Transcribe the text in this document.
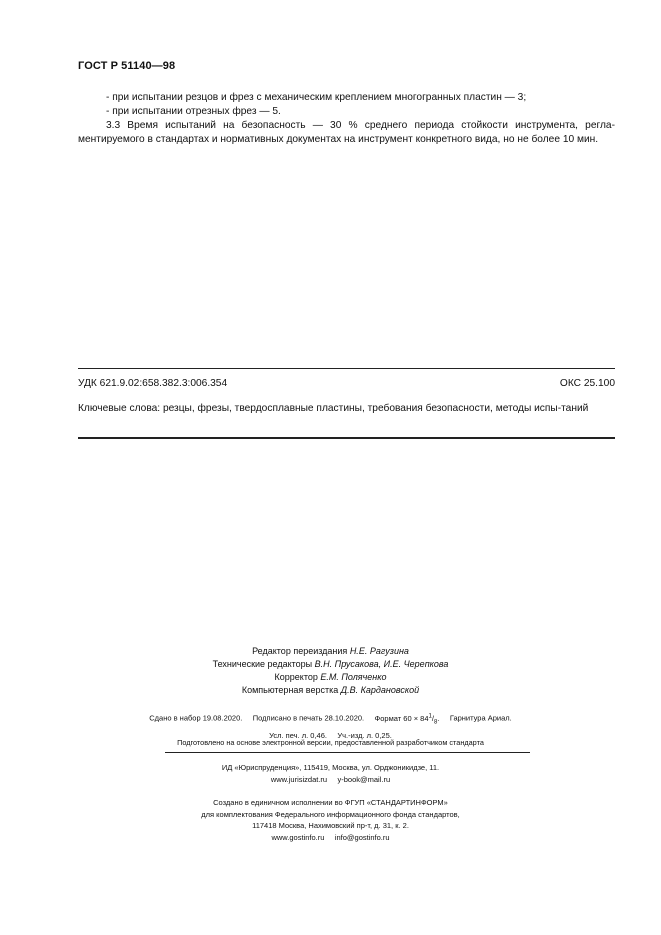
ГОСТ Р 51140—98
- при испытании резцов и фрез с механическим креплением многогранных пластин — 3;
- при испытании отрезных фрез — 5.
3.3 Время испытаний на безопасность — 30 % среднего периода стойкости инструмента, регла-ментируемого в стандартах и нормативных документах на инструмент конкретного вида, но не более 10 мин.
УДК 621.9.02:658.382.3:006.354	ОКС 25.100
Ключевые слова: резцы, фрезы, твердосплавные пластины, требования безопасности, методы испы-таний
Редактор переиздания Н.Е. Рагузина
Технические редакторы В.Н. Прусакова, И.Е. Черепкова
Корректор Е.М. Поляченко
Компьютерная верстка Д.В. Кардановской
Сдано в набор 19.08.2020. Подписано в печать 28.10.2020. Формат $60 \times 84^1/_8$. Гарнитура Ариал.
Усл. печ. л. 0,46. Уч.-изд. л. 0,25.
Подготовлено на основе электронной версии, предоставленной разработчиком стандарта
ИД «Юриспруденция», 115419, Москва, ул. Орджоникидзе, 11.
www.jurisizdat.ru y-book@mail.ru
Создано в единичном исполнении во ФГУП «СТАНДАРТИНФОРМ»
для комплектования Федерального информационного фонда стандартов,
117418 Москва, Нахимовский пр-т, д. 31, к. 2.
www.gostinfo.ru info@gostinfo.ru
